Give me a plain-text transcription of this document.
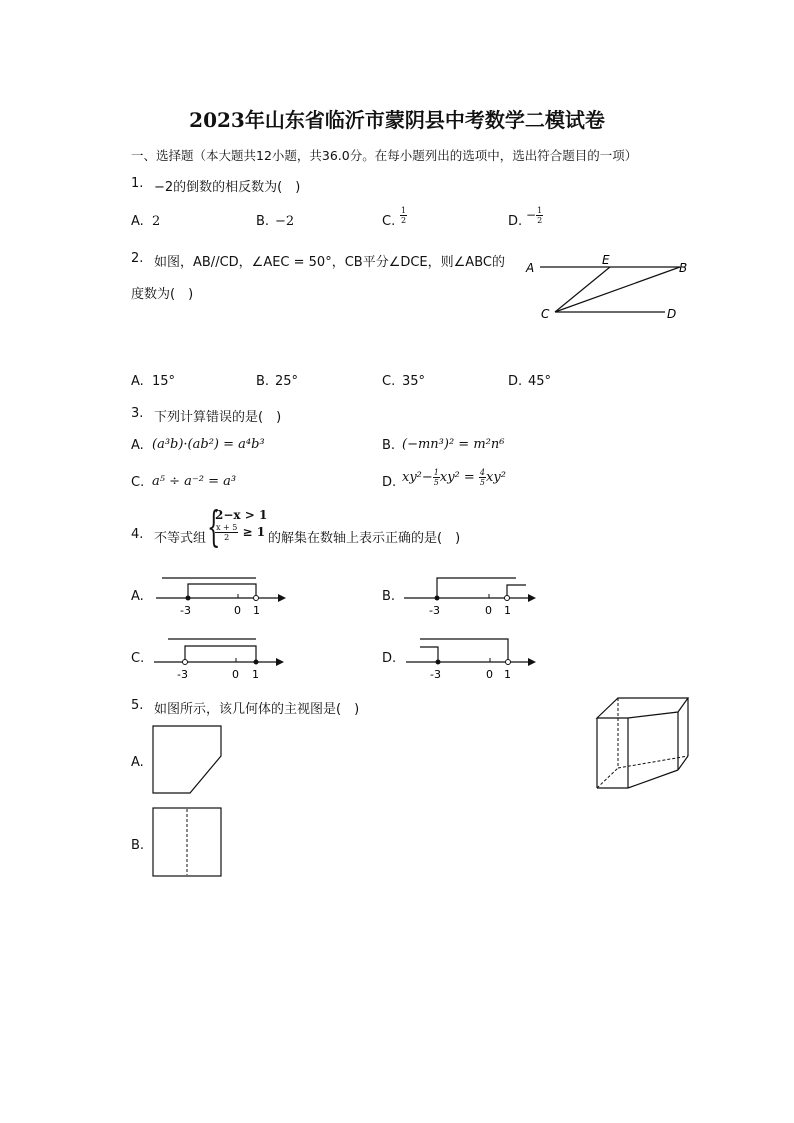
2023年山东省临沂市蒙阴县中考数学二模试卷
一、选择题（本大题共12小题，共36.0分。在每小题列出的选项中，选出符合题目的一项）
1. −2的倒数的相反数为(　)
A. 2	B. −2	C. $\frac{1}{2}$	D. − $\frac{1}{2}$
2. 如图，AB//CD，∠AEC = 50°，CB平分∠DCE，则∠ABC的
度数为(　)
A
E
B
C	D
A. 15°	B. 25°	C. 35°	D. 45°
3. 下列计算错误的是(　)
A. (a³b)·(ab²) = a⁴b³	B. (−mn³)² = m²n⁶
C. a⁵ ÷ a⁻² = a³	D. $xy^2- \frac{1}{5} xy^2 = \frac{4}{5} xy^2$
4. 不等式组 {
2−x > 1
$\frac{x + 5}{2} \ge 1$ 的解集在数轴上表示正确的是(　)
A.
-3	0 1
B.
-3	0 1
C.
-3	0 1
D.
-3	0 1
5. 如图所示，该几何体的主视图是(　)
A.
B.
